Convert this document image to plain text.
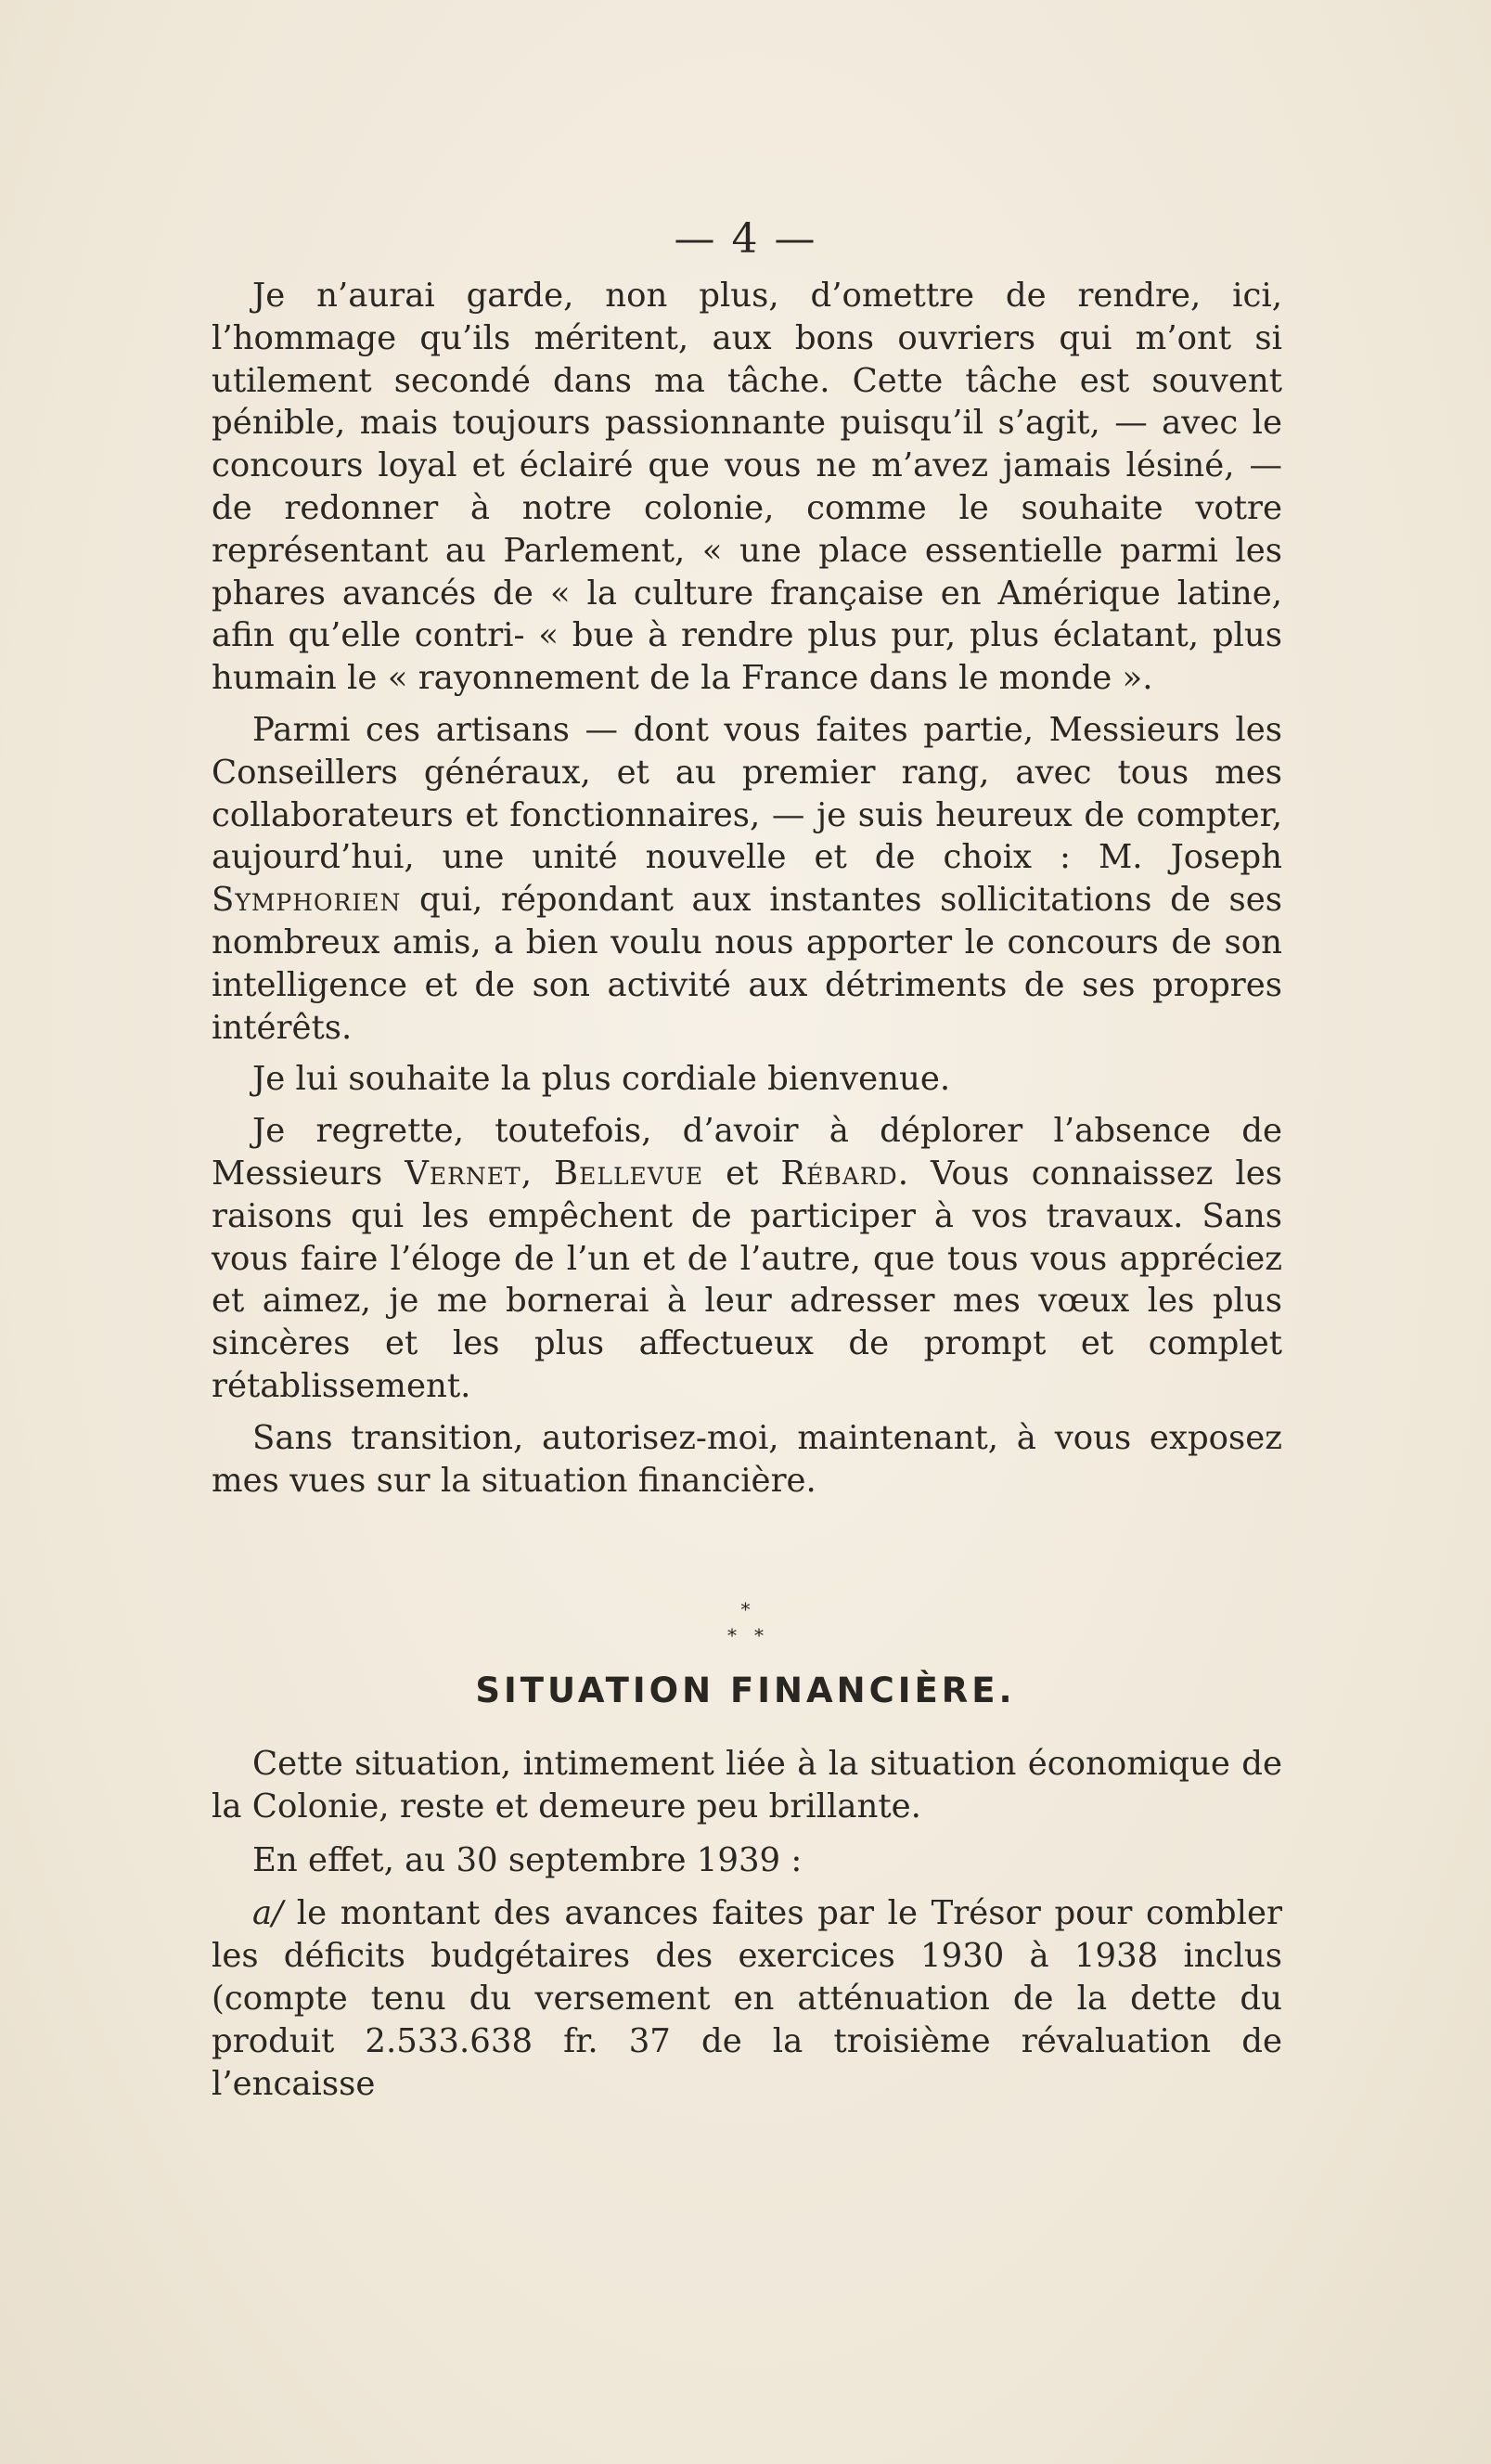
— 4 —

Je n’aurai garde, non plus, d’omettre de rendre, ici, l’hommage qu’ils méritent, aux bons ouvriers qui m’ont si utilement secondé dans ma tâche. Cette tâche est souvent pénible, mais toujours passionnante puisqu’il s’agit, — avec le concours loyal et éclairé que vous ne m’avez jamais lésiné, — de redonner à notre colonie, comme le souhaite votre représentant au Parlement, « une place essentielle parmi les phares avancés de « la culture française en Amérique latine, afin qu’elle contri- « bue à rendre plus pur, plus éclatant, plus humain le « rayonnement de la France dans le monde ».

Parmi ces artisans — dont vous faites partie, Messieurs les Conseillers généraux, et au premier rang, avec tous mes collaborateurs et fonctionnaires, — je suis heureux de compter, aujourd’hui, une unité nouvelle et de choix : M. Joseph Symphorien qui, répondant aux instantes sollicitations de ses nombreux amis, a bien voulu nous apporter le concours de son intelligence et de son activité aux détriments de ses propres intérêts.

Je lui souhaite la plus cordiale bienvenue.

Je regrette, toutefois, d’avoir à déplorer l’absence de Messieurs Vernet, Bellevue et Rébard. Vous connaissez les raisons qui les empêchent de participer à vos travaux. Sans vous faire l’éloge de l’un et de l’autre, que tous vous appréciez et aimez, je me bornerai à leur adresser mes vœux les plus sincères et les plus affectueux de prompt et complet rétablissement.

Sans transition, autorisez-moi, maintenant, à vous exposez mes vues sur la situation financière.

*
*   *
SITUATION FINANCIÈRE.

Cette situation, intimement liée à la situation économique de la Colonie, reste et demeure peu brillante.

En effet, au 30 septembre 1939 :

a/ le montant des avances faites par le Trésor pour combler les déficits budgétaires des exercices 1930 à 1938 inclus (compte tenu du versement en atténuation de la dette du produit 2.533.638 fr. 37 de la troisième révaluation de l’encaisse
